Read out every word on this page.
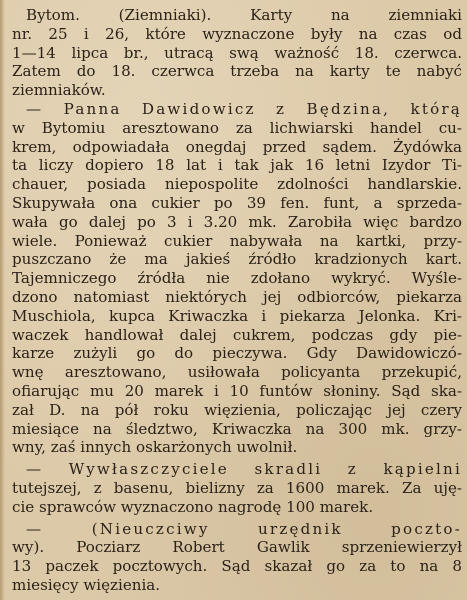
Bytom. (Ziemniaki). Karty na ziemniaki
nr. 25 i 26, które wyznaczone były na czas od
1—14 lipca br., utracą swą ważność 18. czerwca.
Zatem do 18. czerwca trzeba na karty te nabyć
ziemniaków.
— Panna Dawidowicz z Będzina, którą
w Bytomiu aresztowano za lichwiarski handel cu-
krem, odpowiadała onegdaj przed sądem. Żydówka
ta liczy dopiero 18 lat i tak jak 16 letni Izydor Ti-
chauer, posiada niepospolite zdolności handlarskie.
Skupywała ona cukier po 39 fen. funt, a sprzeda-
wała go dalej po 3 i 3.20 mk. Zarobiła więc bardzo
wiele. Ponieważ cukier nabywała na kartki, przy-
puszczano że ma jakieś źródło kradzionych kart.
Tajemniczego źródła nie zdołano wykryć. Wyśle-
dzono natomiast niektórych jej odbiorców, piekarza
Muschiola, kupca Kriwaczka i piekarza Jelonka. Kri-
waczek handlował dalej cukrem, podczas gdy pie-
karze zużyli go do pieczywa. Gdy Dawidowiczó-
wnę aresztowano, usiłowała policyanta przekupić,
ofiarując mu 20 marek i 10 funtów słoniny. Sąd ska-
zał D. na pół roku więzienia, policzając jej czery
miesiące na śledztwo, Kriwaczka na 300 mk. grzy-
wny, zaś innych oskarżonych uwolnił.
— Wywłaszczyciele skradli z kąpielni
tutejszej, z basenu, bielizny za 1600 marek. Za uję-
cie sprawców wyznaczono nagrodę 100 marek.
— (Nieuczciwy urzędnik poczto-
wy). Pocziarz Robert Gawlik sprzeniewierzył
13 paczek pocztowych. Sąd skazał go za to na 8
miesięcy więzienia.
